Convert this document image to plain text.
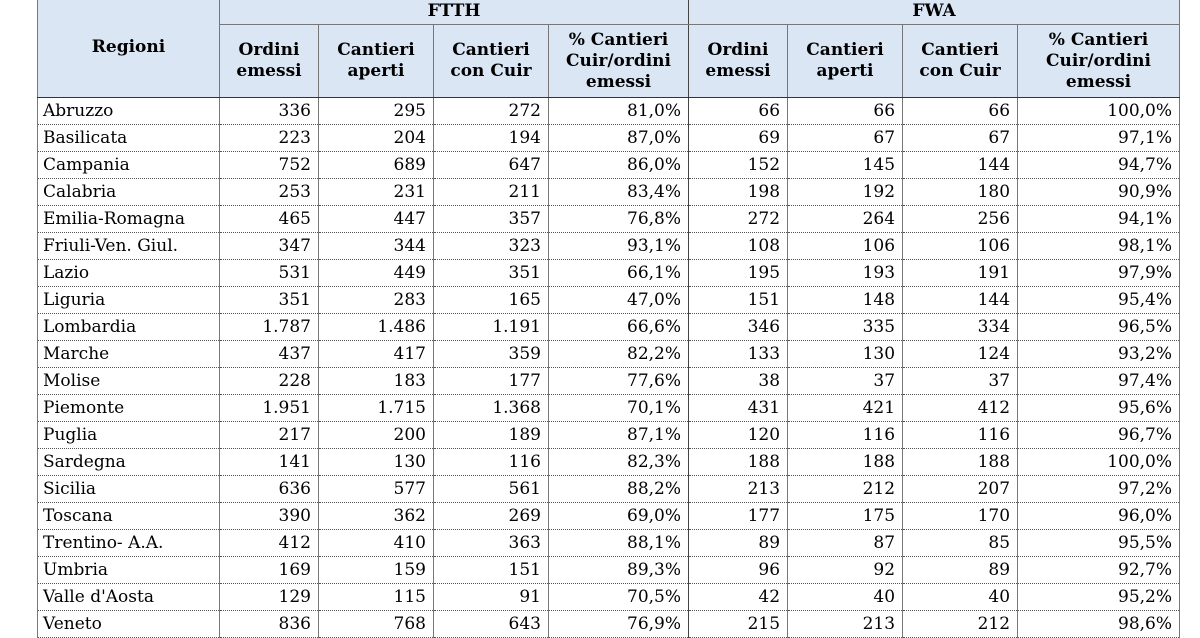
Regioni	FTTH				FWA			
	Ordini emessi	Cantieri aperti	Cantieri con Cuir	% Cantieri Cuir/ordini emessi	Ordini emessi	Cantieri aperti	Cantieri con Cuir	% Cantieri Cuir/ordini emessi
Abruzzo	336	295	272	81,0%	66	66	66	100,0%
Basilicata	223	204	194	87,0%	69	67	67	97,1%
Campania	752	689	647	86,0%	152	145	144	94,7%
Calabria	253	231	211	83,4%	198	192	180	90,9%
Emilia-Romagna	465	447	357	76,8%	272	264	256	94,1%
Friuli-Ven. Giul.	347	344	323	93,1%	108	106	106	98,1%
Lazio	531	449	351	66,1%	195	193	191	97,9%
Liguria	351	283	165	47,0%	151	148	144	95,4%
Lombardia	1.787	1.486	1.191	66,6%	346	335	334	96,5%
Marche	437	417	359	82,2%	133	130	124	93,2%
Molise	228	183	177	77,6%	38	37	37	97,4%
Piemonte	1.951	1.715	1.368	70,1%	431	421	412	95,6%
Puglia	217	200	189	87,1%	120	116	116	96,7%
Sardegna	141	130	116	82,3%	188	188	188	100,0%
Sicilia	636	577	561	88,2%	213	212	207	97,2%
Toscana	390	362	269	69,0%	177	175	170	96,0%
Trentino- A.A.	412	410	363	88,1%	89	87	85	95,5%
Umbria	169	159	151	89,3%	96	92	89	92,7%
Valle d'Aosta	129	115	91	70,5%	42	40	40	95,2%
Veneto	836	768	643	76,9%	215	213	212	98,6%
